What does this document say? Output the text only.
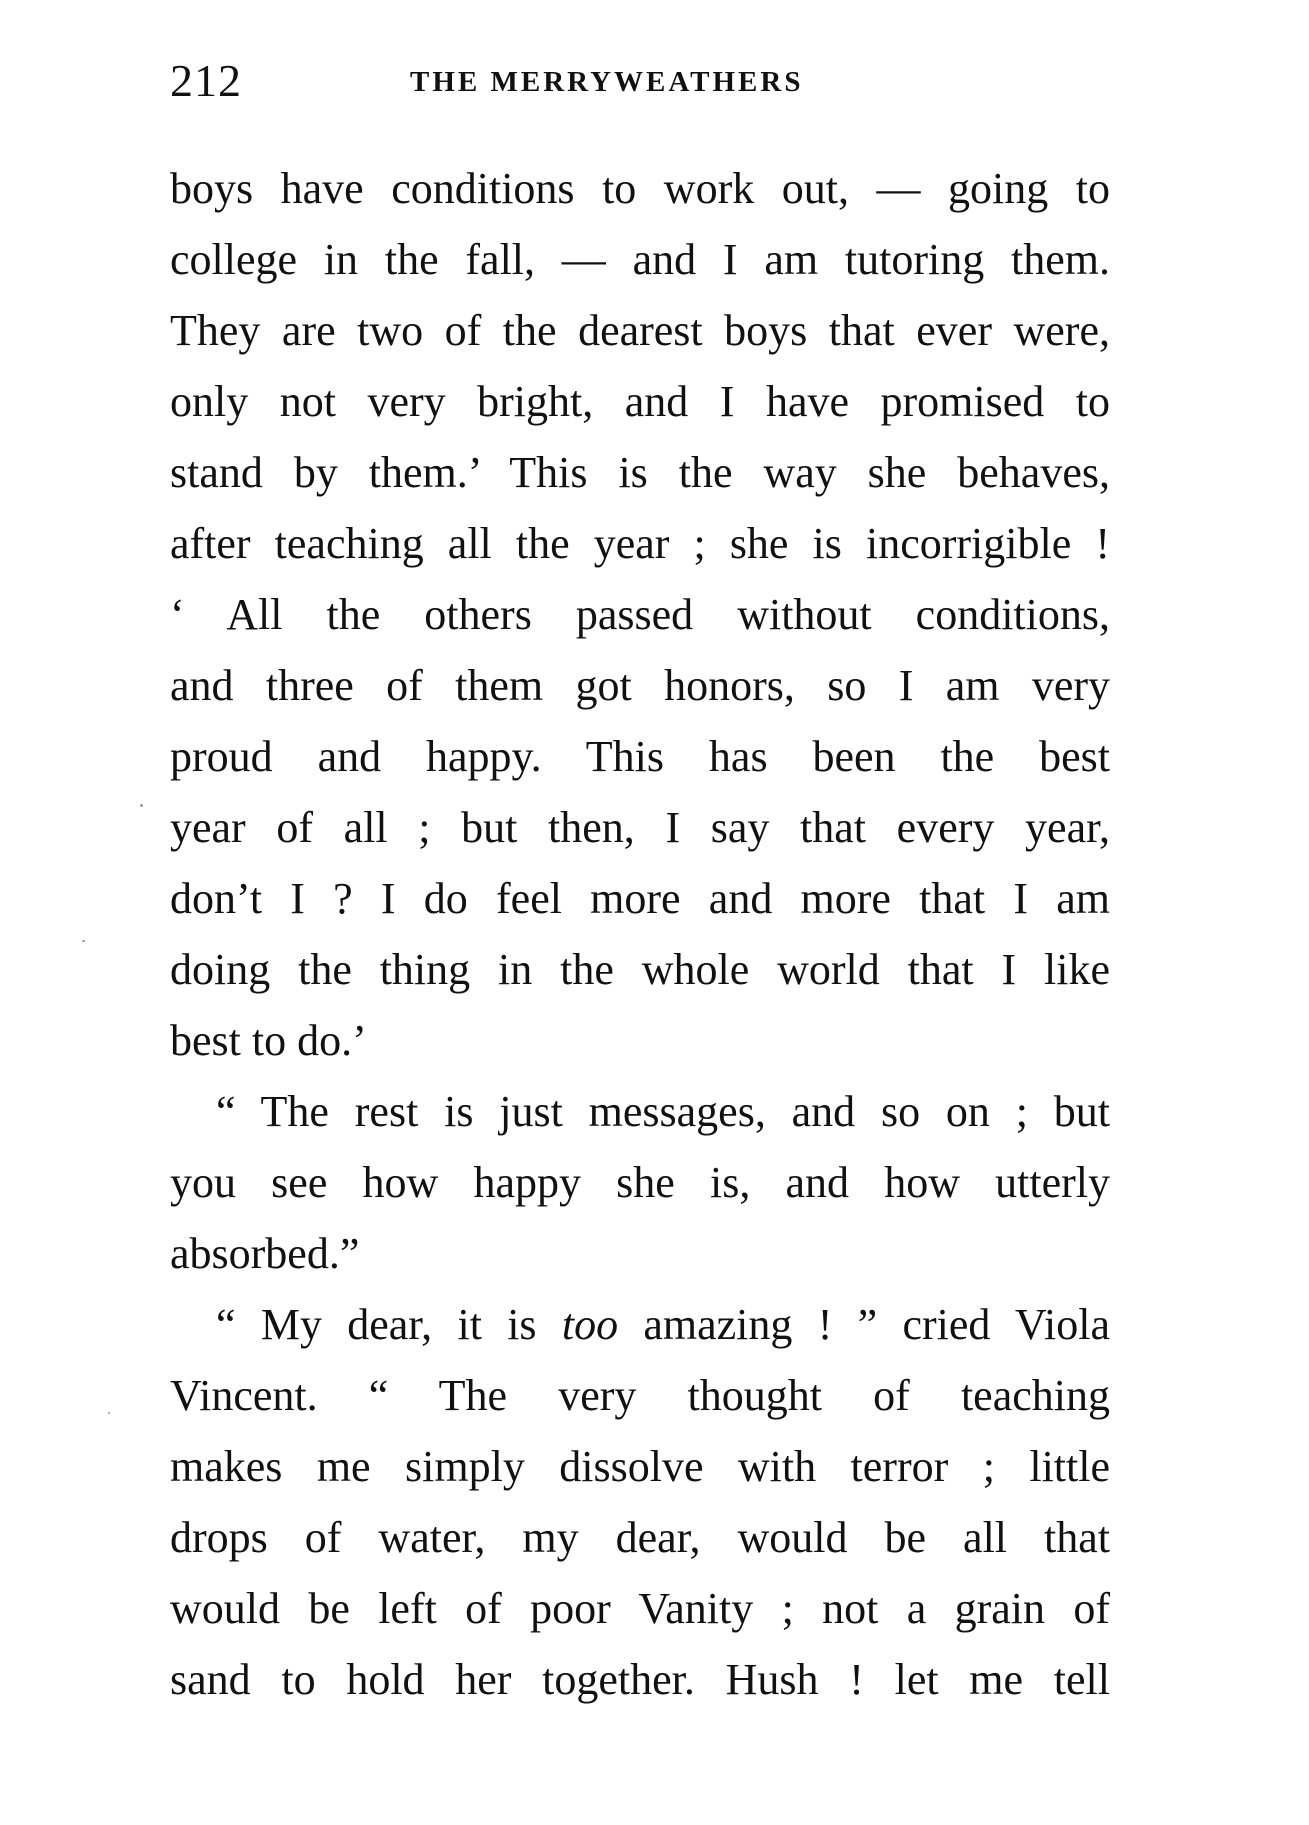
212	THE MERRYWEATHERS
boys have conditions to work out, — going to
college in the fall, — and I am tutoring them.
They are two of the dearest boys that ever were,
only not very bright, and I have promised to
stand by them.’ This is the way she behaves,
after teaching all the year ; she is incorrigible !
‘ All the others passed without conditions,
and three of them got honors, so I am very
proud and happy. This has been the best
year of all ; but then, I say that every year,
don’t I ? I do feel more and more that I am
doing the thing in the whole world that I like
best to do.’
“ The rest is just messages, and so on ; but
you see how happy she is, and how utterly
absorbed.”
“ My dear, it is too amazing ! ” cried Viola
Vincent. “ The very thought of teaching
makes me simply dissolve with terror ; little
drops of water, my dear, would be all that
would be left of poor Vanity ; not a grain of
sand to hold her together. Hush ! let me tell
